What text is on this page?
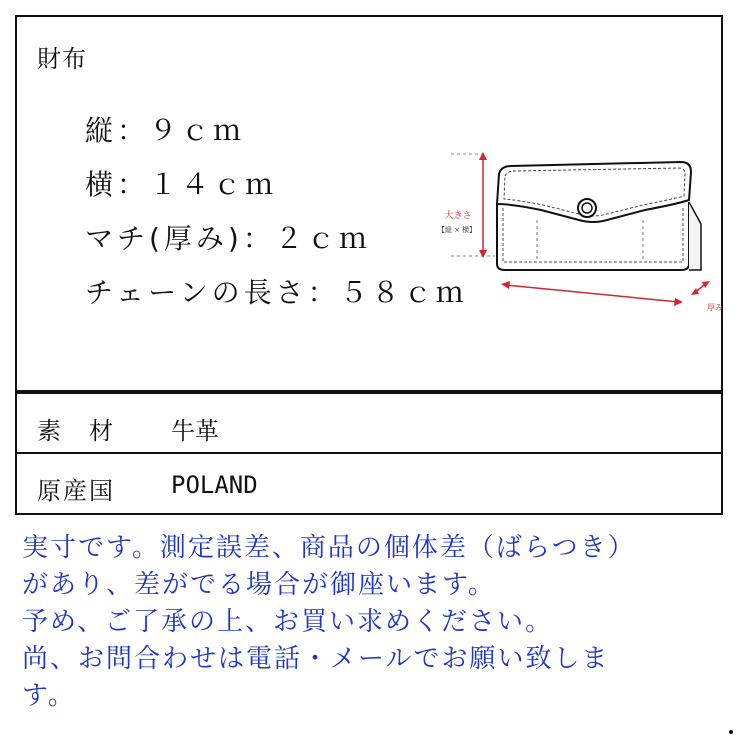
財布
縦：９ｃｍ
横：１４ｃｍ
マチ(厚み)：２ｃｍ
チェーンの長さ：５８ｃｍ
大きさ
【縦 × 横】
厚み
素　材 牛革
原産国 POLAND
実寸です。測定誤差、商品の個体差（ばらつき）
があり、差がでる場合が御座います。
予め、ご了承の上、お買い求めください。
尚、お問合わせは電話・メールでお願い致しま
す。
